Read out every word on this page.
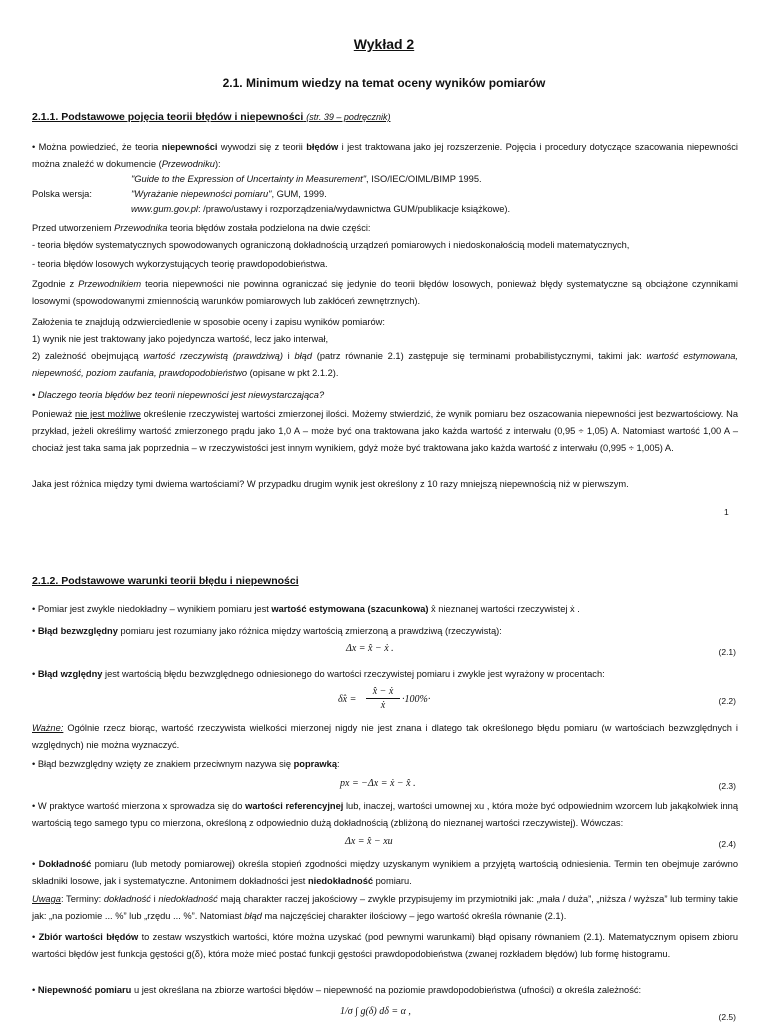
Wykład 2
2.1. Minimum wiedzy na temat oceny wyników pomiarów
2.1.1. Podstawowe pojęcia teorii błędów i niepewności (str. 39 – podręcznik)
• Można powiedzieć, że teoria niepewności wywodzi się z teorii błędów i jest traktowana jako jej rozszerzenie. Pojęcia i procedury dotyczące szacowania niepewności można znaleźć w dokumencie (Przewodniku):
"Guide to the Expression of Uncertainty in Measurement", ISO/IEC/OIML/BIMP 1995.
Polska wersja:	"Wyrażanie niepewności pomiaru", GUM, 1999.
www.gum.gov.pl: /prawo/ustawy i rozporządzenia/wydawnictwa GUM/publikacje książkowe).
Przed utworzeniem Przewodnika teoria błędów została podzielona na dwie części:
- teoria błędów systematycznych spowodowanych ograniczoną dokładnością urządzeń pomiarowych i niedoskonałością modeli matematycznych,
- teoria błędów losowych wykorzystujących teorię prawdopodobieństwa.
Zgodnie z Przewodnikiem teoria niepewności nie powinna ograniczać się jedynie do teorii błędów losowych, ponieważ błędy systematyczne są obciążone czynnikami losowymi (spowodowanymi zmiennością warunków pomiarowych lub zakłóceń zewnętrznych).
Założenia te znajdują odzwierciedlenie w sposobie oceny i zapisu wyników pomiarów:
1) wynik nie jest traktowany jako pojedyncza wartość, lecz jako interwał,
2) zależność obejmującą wartość rzeczywistą (prawdziwą) i błąd (patrz równanie 2.1) zastępuje się terminami probabilistycznymi, takimi jak: wartość estymowana, niepewność, poziom zaufania, prawdopodobieństwo (opisane w pkt 2.1.2).
• Dlaczego teoria błędów bez teorii niepewności jest niewystarczająca?
Ponieważ nie jest możliwe określenie rzeczywistej wartości zmierzonej ilości. Możemy stwierdzić, że wynik pomiaru bez oszacowania niepewności jest bezwartościowy. Na przykład, jeżeli określimy wartość zmierzonego prądu jako 1,0 A – może być ona traktowana jako każda wartość z interwału (0,95 ÷ 1,05) A. Natomiast wartość 1,00 A – chociaż jest taka sama jak poprzednia – w rzeczywistości jest innym wynikiem, gdyż może być traktowana jako każda wartość z interwału (0,995 ÷ 1,005) A.
Jaka jest różnica między tymi dwiema wartościami? W przypadku drugim wynik jest określony z 10 razy mniejszą niepewnością niż w pierwszym.
1
2.1.2. Podstawowe warunki teorii błędu i niepewności
• Pomiar jest zwykle niedokładny – wynikiem pomiaru jest wartość estymowana (szacunkowa) x̂ nieznanej wartości rzeczywistej ẋ .
• Błąd bezwzględny pomiaru jest rozumiany jako różnica między wartością zmierzoną a prawdziwą (rzeczywistą):
Δx = x̂ − ẋ .	(2.1)
• Błąd względny jest wartością błędu bezwzględnego odniesionego do wartości rzeczywistej pomiaru i zwykle jest wyrażony w procentach:
δ̂x =
x̂ − ẋ
ẋ
·100%·	(2.2)
Ważne: Ogólnie rzecz biorąc, wartość rzeczywista wielkości mierzonej nigdy nie jest znana i dlatego tak określonego błędu pomiaru (w wartościach bezwzględnych i względnych) nie można wyznaczyć.
• Błąd bezwzględny wzięty ze znakiem przeciwnym nazywa się poprawką:
px = −Δx = ẋ − x̂ .	(2.3)
• W praktyce wartość mierzona x sprowadza się do wartości referencyjnej lub, inaczej, wartości umownej xu , która może być odpowiednim wzorcem lub jakąkolwiek inną wartością tego samego typu co mierzona, określoną z odpowiednio dużą dokładnością (zbliżoną do nieznanej wartości rzeczywistej). Wówczas:
Δx = x̂ − xu	(2.4)
• Dokładność pomiaru (lub metody pomiarowej) określa stopień zgodności między uzyskanym wynikiem a przyjętą wartością odniesienia. Termin ten obejmuje zarówno składniki losowe, jak i systematyczne. Antonimem dokładności jest niedokładność pomiaru.
Uwaga: Terminy: dokładność i niedokładność mają charakter raczej jakościowy – zwykle przypisujemy im przymiotniki jak: „mała / duża”, „niższa / wyższa” lub terminy takie jak: „na poziomie ... %” lub „rzędu ... %”. Natomiast błąd ma najczęściej charakter ilościowy – jego wartość określa równanie (2.1).
• Zbiór wartości błędów to zestaw wszystkich wartości, które można uzyskać (pod pewnymi warunkami) błąd opisany równaniem (2.1). Matematycznym opisem zbioru wartości błędów jest funkcja gęstości g(δ), która może mieć postać funkcji gęstości prawdopodobieństwa (zwanej rozkładem błędów) lub formę histogramu.
• Niepewność pomiaru u jest określana na zbiorze wartości błędów – niepewność na poziomie prawdopodobieństwa (ufności) α określa zależność:
1/σ ∫ g(δ) dδ = α ,	(2.5)
